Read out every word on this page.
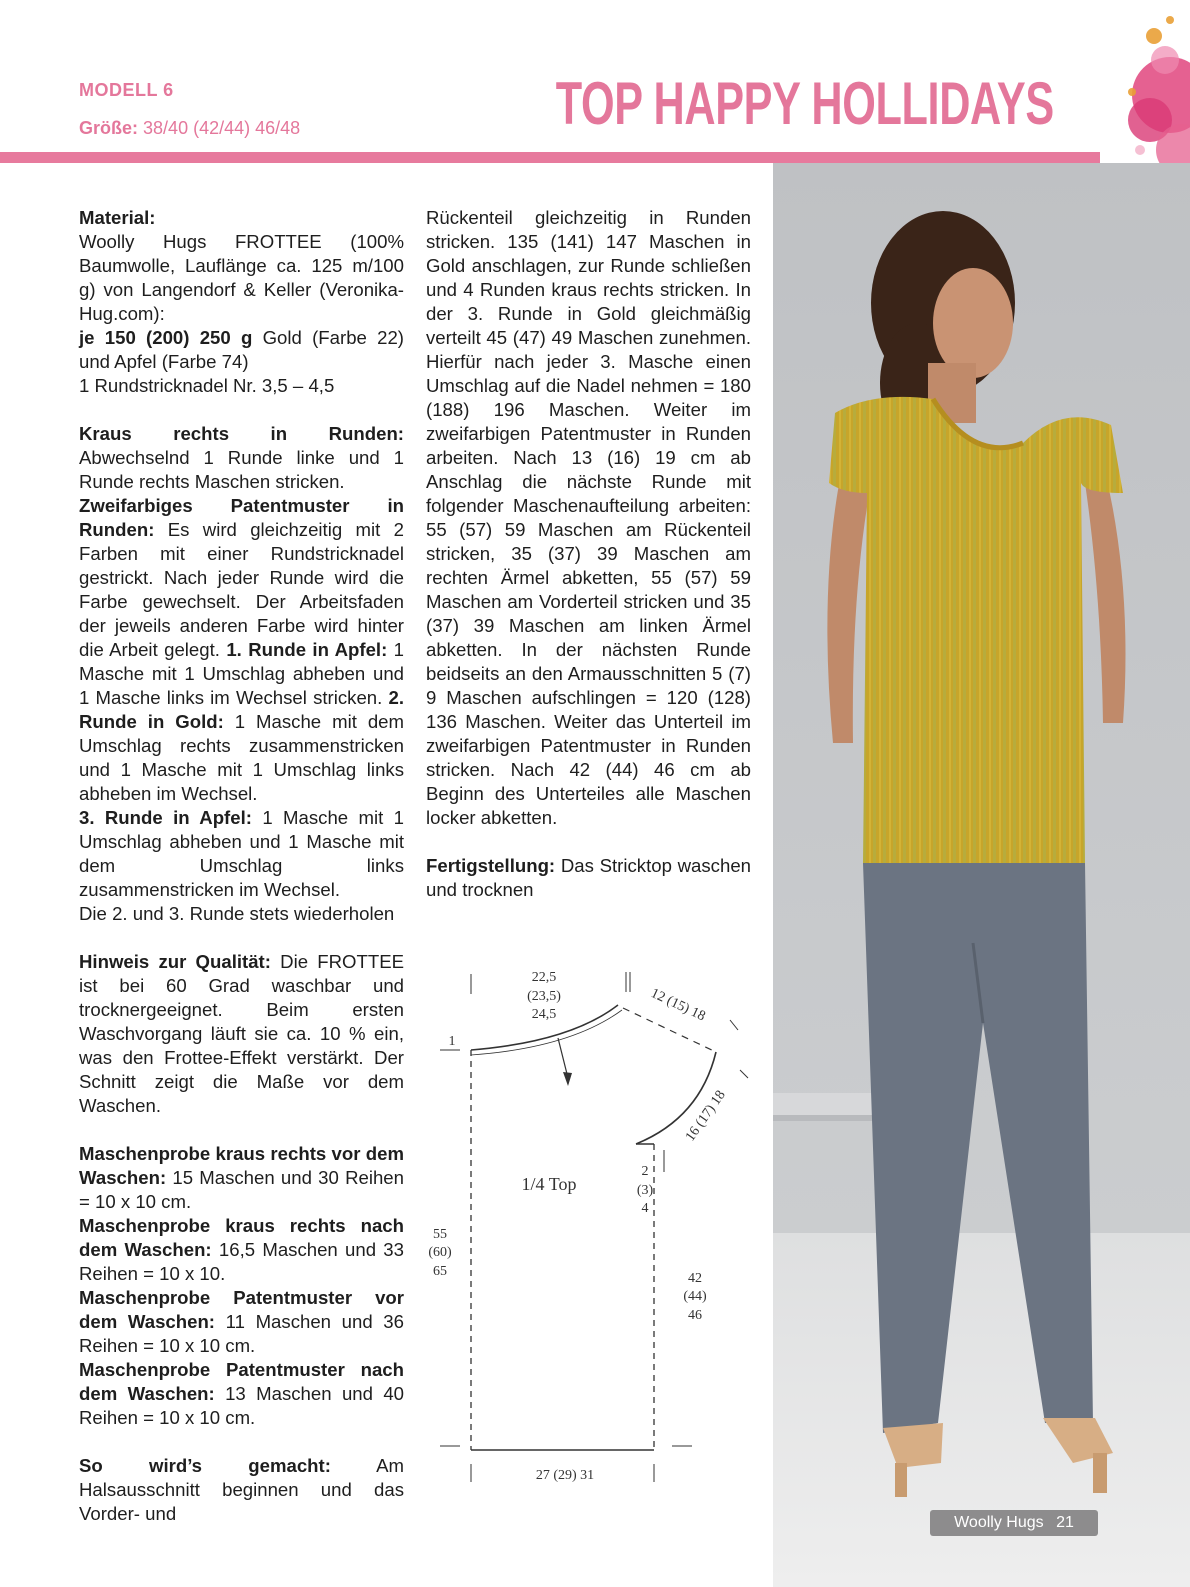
MODELL 6
Größe: 38/40 (42/44) 46/48	TOP HAPPY HOLLIDAYS

Material:

Woolly Hugs FROTTEE (100% Baumwolle, Lauflänge ca. 125 m/100 g) von Langendorf & Keller (Veronika-Hug.com):

je 150 (200) 250 g Gold (Farbe 22) und Apfel (Farbe 74)

1 Rundstricknadel Nr. 3,5 – 4,5

Kraus rechts in Runden: Abwechselnd 1 Runde linke und 1 Runde rechts Maschen stricken.

Zweifarbiges Patentmuster in Runden: Es wird gleichzeitig mit 2 Farben mit einer Rundstricknadel gestrickt. Nach jeder Runde wird die Farbe gewechselt. Der Arbeitsfaden der jeweils anderen Farbe wird hinter die Arbeit gelegt. 1. Runde in Apfel: 1 Masche mit 1 Umschlag abheben und 1 Masche links im Wechsel stricken. 2. Runde in Gold: 1 Masche mit dem Umschlag rechts zusammenstricken und 1 Masche mit 1 Umschlag links abheben im Wechsel.

3. Runde in Apfel: 1 Masche mit 1 Umschlag abheben und 1 Masche mit dem Umschlag links zusammenstricken im Wechsel.

Die 2. und 3. Runde stets wiederholen

Hinweis zur Qualität: Die FROTTEE ist bei 60 Grad waschbar und trocknergeeignet. Beim ersten Waschvorgang läuft sie ca. 10 % ein, was den Frottee-Effekt verstärkt. Der Schnitt zeigt die Maße vor dem Waschen.

Maschenprobe kraus rechts vor dem Waschen: 15 Maschen und 30 Reihen = 10 x 10 cm.

Maschenprobe kraus rechts nach dem Waschen: 16,5 Maschen und 33 Reihen = 10 x 10.

Maschenprobe Patentmuster vor dem Waschen: 11 Maschen und 36 Reihen = 10 x 10 cm.

Maschenprobe Patentmuster nach dem Waschen: 13 Maschen und 40 Reihen = 10 x 10 cm.

So wird’s gemacht: Am Halsausschnitt beginnen und das Vorder- und

Rückenteil gleichzeitig in Runden stricken. 135 (141) 147 Maschen in Gold anschlagen, zur Runde schließen und 4 Runden kraus rechts stricken. In der 3. Runde in Gold gleichmäßig verteilt 45 (47) 49 Maschen zunehmen. Hierfür nach jeder 3. Masche einen Umschlag auf die Nadel nehmen = 180 (188) 196 Maschen. Weiter im zweifarbigen Patentmuster in Runden arbeiten. Nach 13 (16) 19 cm ab Anschlag die nächste Runde mit folgender Maschenaufteilung arbeiten: 55 (57) 59 Maschen am Rückenteil stricken, 35 (37) 39 Maschen am rechten Ärmel abketten, 55 (57) 59 Maschen am Vorderteil stricken und 35 (37) 39 Maschen am linken Ärmel abketten. In der nächsten Runde beidseits an den Armausschnitten 5 (7) 9 Maschen aufschlingen = 120 (128) 136 Maschen. Weiter das Unterteil im zweifarbigen Patentmuster in Runden stricken. Nach 42 (44) 46 cm ab Beginn des Unterteiles alle Maschen locker abketten.

Fertigstellung: Das Stricktop waschen und trocknen

22,5
(23,5)
24,5	12 (15) 18
1
16 (17) 18
2
(3)
4
1/4 Top
55
(60)
65	42
(44)
46
27 (29) 31
Woolly Hugs 21
